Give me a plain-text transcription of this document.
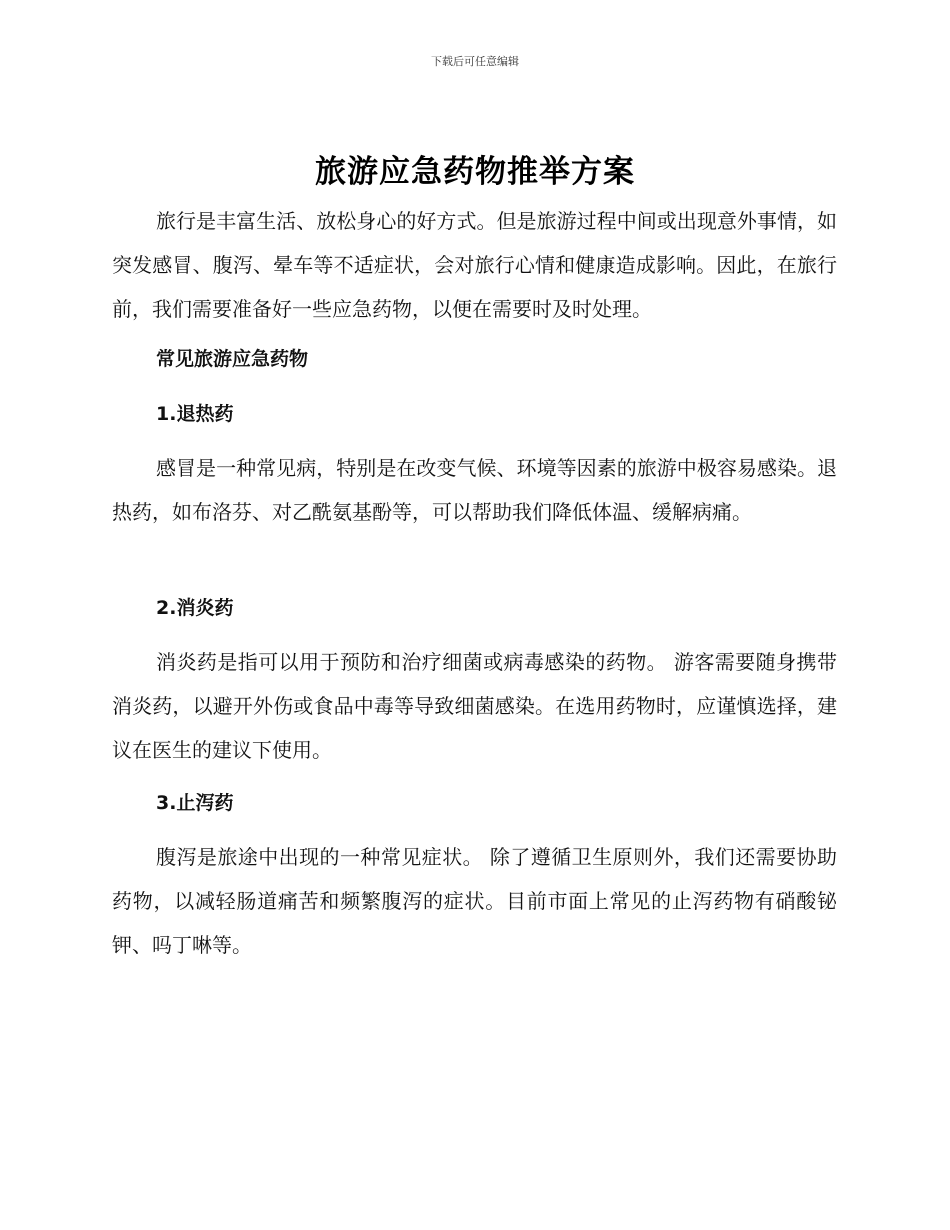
下载后可任意编辑
旅游应急药物推举方案

旅行是丰富生活、放松身心的好方式。但是旅游过程中间或出现意外事情，如突发感冒、腹泻、晕车等不适症状，会对旅行心情和健康造成影响。因此，在旅行前，我们需要准备好一些应急药物，以便在需要时及时处理。

常见旅游应急药物
1.退热药

感冒是一种常见病，特别是在改变气候、环境等因素的旅游中极容易感染。退热药，如布洛芬、对乙酰氨基酚等，可以帮助我们降低体温、缓解病痛。

2.消炎药

消炎药是指可以用于预防和治疗细菌或病毒感染的药物。 游客需要随身携带消炎药，以避开外伤或食品中毒等导致细菌感染。在选用药物时，应谨慎选择，建议在医生的建议下使用。

3.止泻药

腹泻是旅途中出现的一种常见症状。 除了遵循卫生原则外，我们还需要协助药物，以减轻肠道痛苦和频繁腹泻的症状。目前市面上常见的止泻药物有硝酸铋钾、吗丁啉等。
